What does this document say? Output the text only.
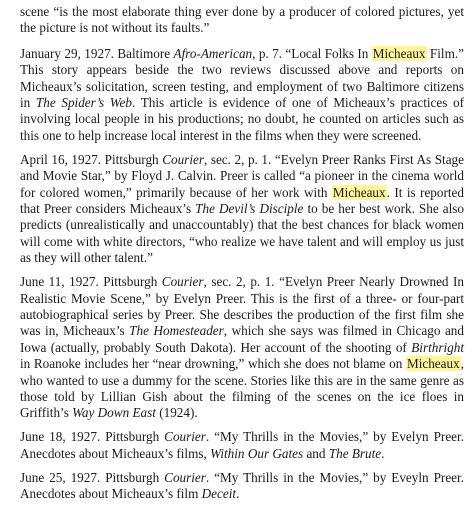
scene “is the most elaborate thing ever done by a producer of colored pictures, yet the picture is not without its faults.”

January 29, 1927. Baltimore Afro-American, p. 7. “Local Folks In Micheaux Film.” This story appears beside the two reviews discussed above and reports on Micheaux’s solicitation, screen testing, and employment of two Baltimore citizens in The Spider’s Web. This article is evidence of one of Micheaux’s practices of involving local people in his productions; no doubt, he counted on articles such as this one to help increase local interest in the films when they were screened.

April 16, 1927. Pittsburgh Courier, sec. 2, p. 1. “Evelyn Preer Ranks First As Stage and Movie Star,” by Floyd J. Calvin. Preer is called “a pioneer in the cinema world for colored women,” primarily because of her work with Micheaux. It is reported that Preer considers Micheaux’s The Devil’s Disciple to be her best work. She also predicts (unrealistically and unaccountably) that the best chances for black women will come with white directors, “who realize we have talent and will employ us just as they will other talent.”

June 11, 1927. Pittsburgh Courier, sec. 2, p. 1. “Evelyn Preer Nearly Drowned In Realistic Movie Scene,” by Evelyn Preer. This is the first of a three- or four-part autobiographical series by Preer. She describes the production of the first film she was in, Micheaux’s The Homesteader, which she says was filmed in Chicago and Iowa (actually, probably South Dakota). Her account of the shooting of Birthright in Roanoke includes her “near drowning,” which she does not blame on Micheaux, who wanted to use a dummy for the scene. Stories like this are in the same genre as those told by Lillian Gish about the filming of the scenes on the ice floes in Griffith’s Way Down East (1924).

June 18, 1927. Pittsburgh Courier. “My Thrills in the Movies,” by Evelyn Preer. Anecdotes about Micheaux’s films, Within Our Gates and The Brute.

June 25, 1927. Pittsburgh Courier. “My Thrills in the Movies,” by Eveyln Preer. Anecdotes about Micheaux’s film Deceit.
